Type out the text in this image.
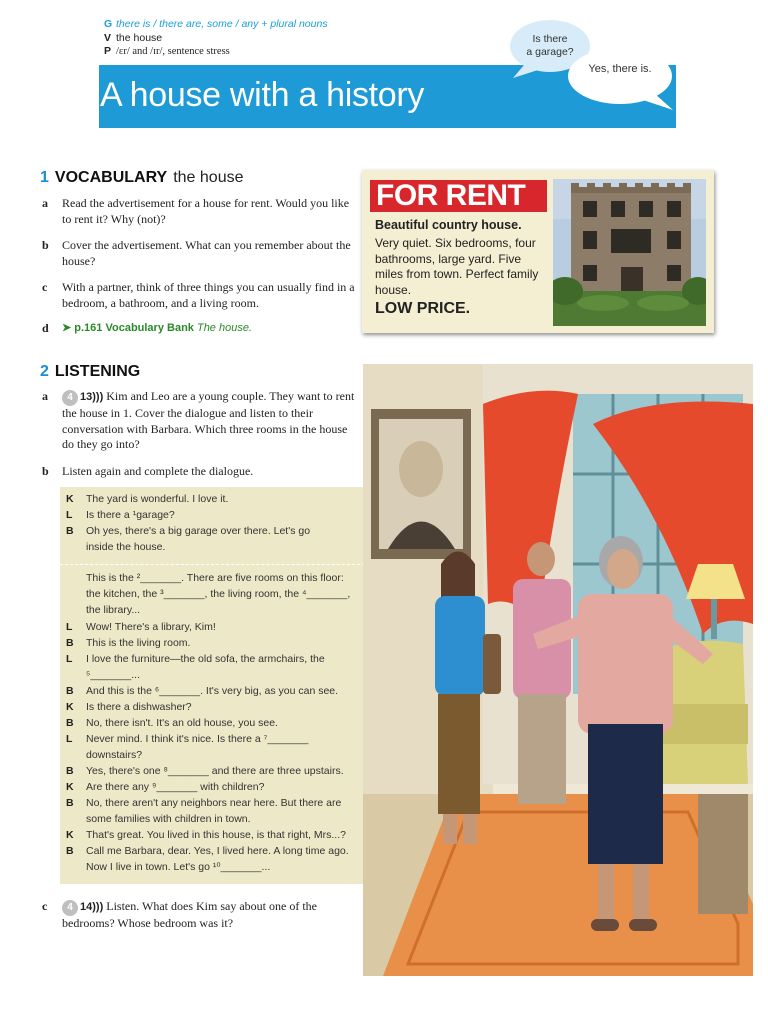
G there is / there are, some / any + plural nouns
V the house
P /ɛr/ and /ɪr/, sentence stress
A house with a history
Is there
a garage?
Yes, there is.
1 VOCABULARY the house
a Read the advertisement for a house for rent. Would you like to rent it? Why (not)?
b Cover the advertisement. What can you remember about the house?
c With a partner, think of three things you can usually find in a bedroom, a bathroom, and a living room.
d ➤ p.161 Vocabulary Bank The house.
FOR RENT
Beautiful country house.
Very quiet. Six bedrooms, four bathrooms, large yard. Five miles from town. Perfect family house.
LOW PRICE.
2 LISTENING
a	4 13))) Kim and Leo are a young couple. They want to rent the house in 1. Cover the dialogue and listen to their conversation with Barbara. Which three rooms in the house do they go into?
b Listen again and complete the dialogue.
K The yard is wonderful. I love it.
L Is there a ¹garage?
B Oh yes, there's a big garage over there. Let's go inside the house.
This is the ²_______. There are five rooms on this floor: the kitchen, the ³_______, the living room, the ⁴_______, the library...
L Wow! There's a library, Kim!
B This is the living room.
L I love the furniture—the old sofa, the armchairs, the ⁵_______...
B And this is the ⁶_______. It's very big, as you can see.
K Is there a dishwasher?
B No, there isn't. It's an old house, you see.
L Never mind. I think it's nice. Is there a ⁷_______ downstairs?
B Yes, there's one ⁸_______ and there are three upstairs.
K Are there any ⁹_______ with children?
B No, there aren't any neighbors near here. But there are some families with children in town.
K That's great. You lived in this house, is that right, Mrs...?
B Call me Barbara, dear. Yes, I lived here. A long time ago. Now I live in town. Let's go ¹⁰_______...
c	4 14))) Listen. What does Kim say about one of the bedrooms? Whose bedroom was it?
